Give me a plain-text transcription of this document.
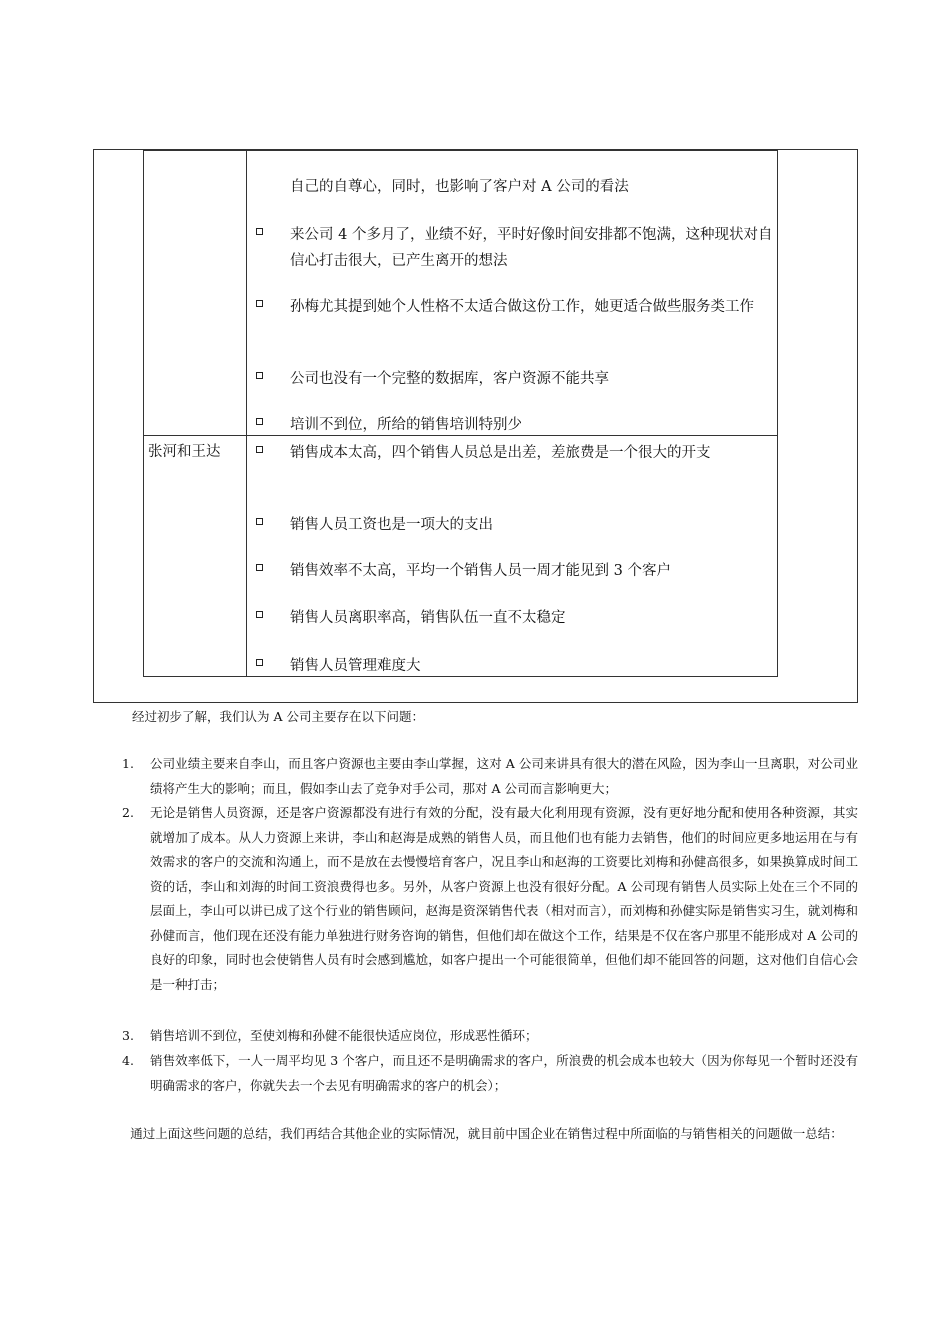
自己的自尊心，同时，也影响了客户对 A 公司的看法
来公司 4 个多月了，业绩不好，平时好像时间安排都不饱满，这种现状对自信心打击很大，已产生离开的想法
孙梅尤其提到她个人性格不太适合做这份工作，她更适合做些服务类工作
公司也没有一个完整的数据库，客户资源不能共享
培训不到位，所给的销售培训特别少
张河和王达	销售成本太高，四个销售人员总是出差，差旅费是一个很大的开支
销售人员工资也是一项大的支出
销售效率不太高，平均一个销售人员一周才能见到 3 个客户
销售人员离职率高，销售队伍一直不太稳定
销售人员管理难度大
经过初步了解，我们认为 A 公司主要存在以下问题：
1. 公司业绩主要来自李山，而且客户资源也主要由李山掌握，这对 A 公司来讲具有很大的潜在风险，因为李山一旦离职，对公司业绩将产生大的影响；而且，假如李山去了竞争对手公司，那对 A 公司而言影响更大；
2. 无论是销售人员资源，还是客户资源都没有进行有效的分配，没有最大化利用现有资源，没有更好地分配和使用各种资源，其实就增加了成本。从人力资源上来讲，李山和赵海是成熟的销售人员，而且他们也有能力去销售，他们的时间应更多地运用在与有效需求的客户的交流和沟通上，而不是放在去慢慢培育客户，况且李山和赵海的工资要比刘梅和孙健高很多，如果换算成时间工资的话，李山和刘海的时间工资浪费得也多。另外，从客户资源上也没有很好分配。A 公司现有销售人员实际上处在三个不同的层面上，李山可以讲已成了这个行业的销售顾问，赵海是资深销售代表（相对而言），而刘梅和孙健实际是销售实习生，就刘梅和孙健而言，他们现在还没有能力单独进行财务咨询的销售，但他们却在做这个工作，结果是不仅在客户那里不能形成对 A 公司的良好的印象，同时也会使销售人员有时会感到尴尬，如客户提出一个可能很简单，但他们却不能回答的问题，这对他们自信心会是一种打击；
3. 销售培训不到位，至使刘梅和孙健不能很快适应岗位，形成恶性循环；
4. 销售效率低下，一人一周平均见 3 个客户，而且还不是明确需求的客户，所浪费的机会成本也较大（因为你每见一个暂时还没有明确需求的客户，你就失去一个去见有明确需求的客户的机会）；
通过上面这些问题的总结，我们再结合其他企业的实际情况，就目前中国企业在销售过程中所面临的与销售相关的问题做一总结：
